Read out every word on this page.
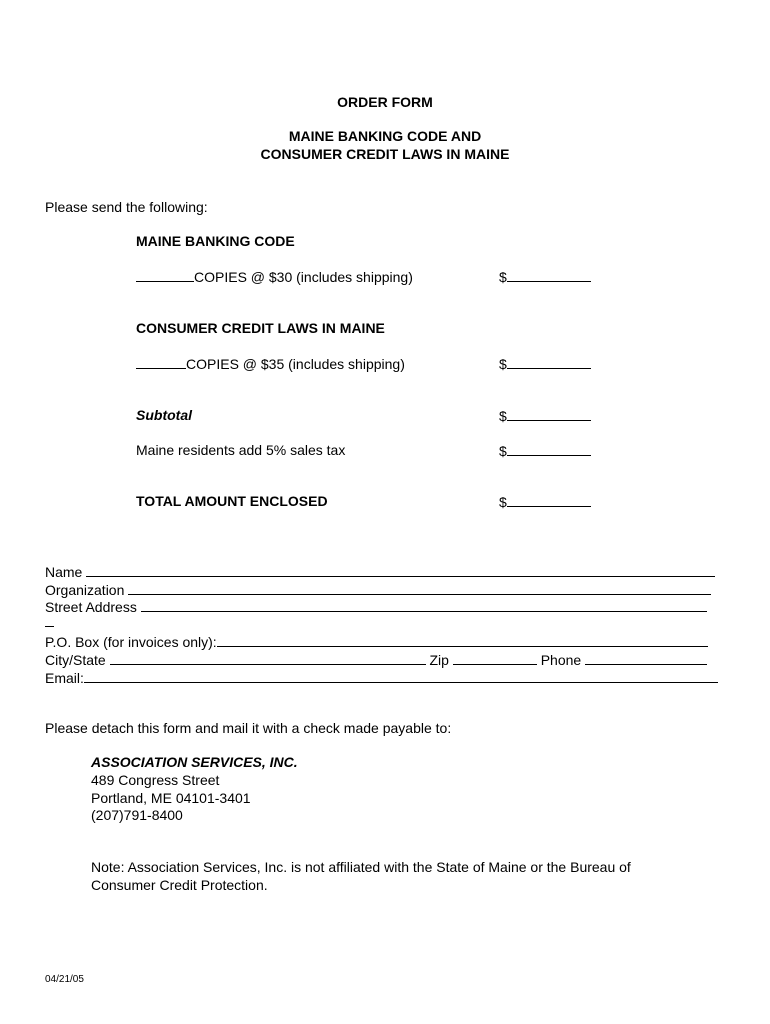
ORDER FORM
MAINE BANKING CODE AND
CONSUMER CREDIT LAWS IN MAINE
Please send the following:
MAINE BANKING CODE
COPIES @ $30 (includes shipping)	$
CONSUMER CREDIT LAWS IN MAINE
COPIES @ $35 (includes shipping)	$
Subtotal	$
Maine residents add 5% sales tax	$
TOTAL AMOUNT ENCLOSED	$
Name
Organization
Street Address
P.O. Box (for invoices only):
City/State	Zip	Phone
Email:
Please detach this form and mail it with a check made payable to:
ASSOCIATION SERVICES, INC.
489 Congress Street
Portland, ME 04101-3401
(207)791-8400
Note: Association Services, Inc. is not affiliated with the State of Maine or the Bureau of
Consumer Credit Protection.
04/21/05
